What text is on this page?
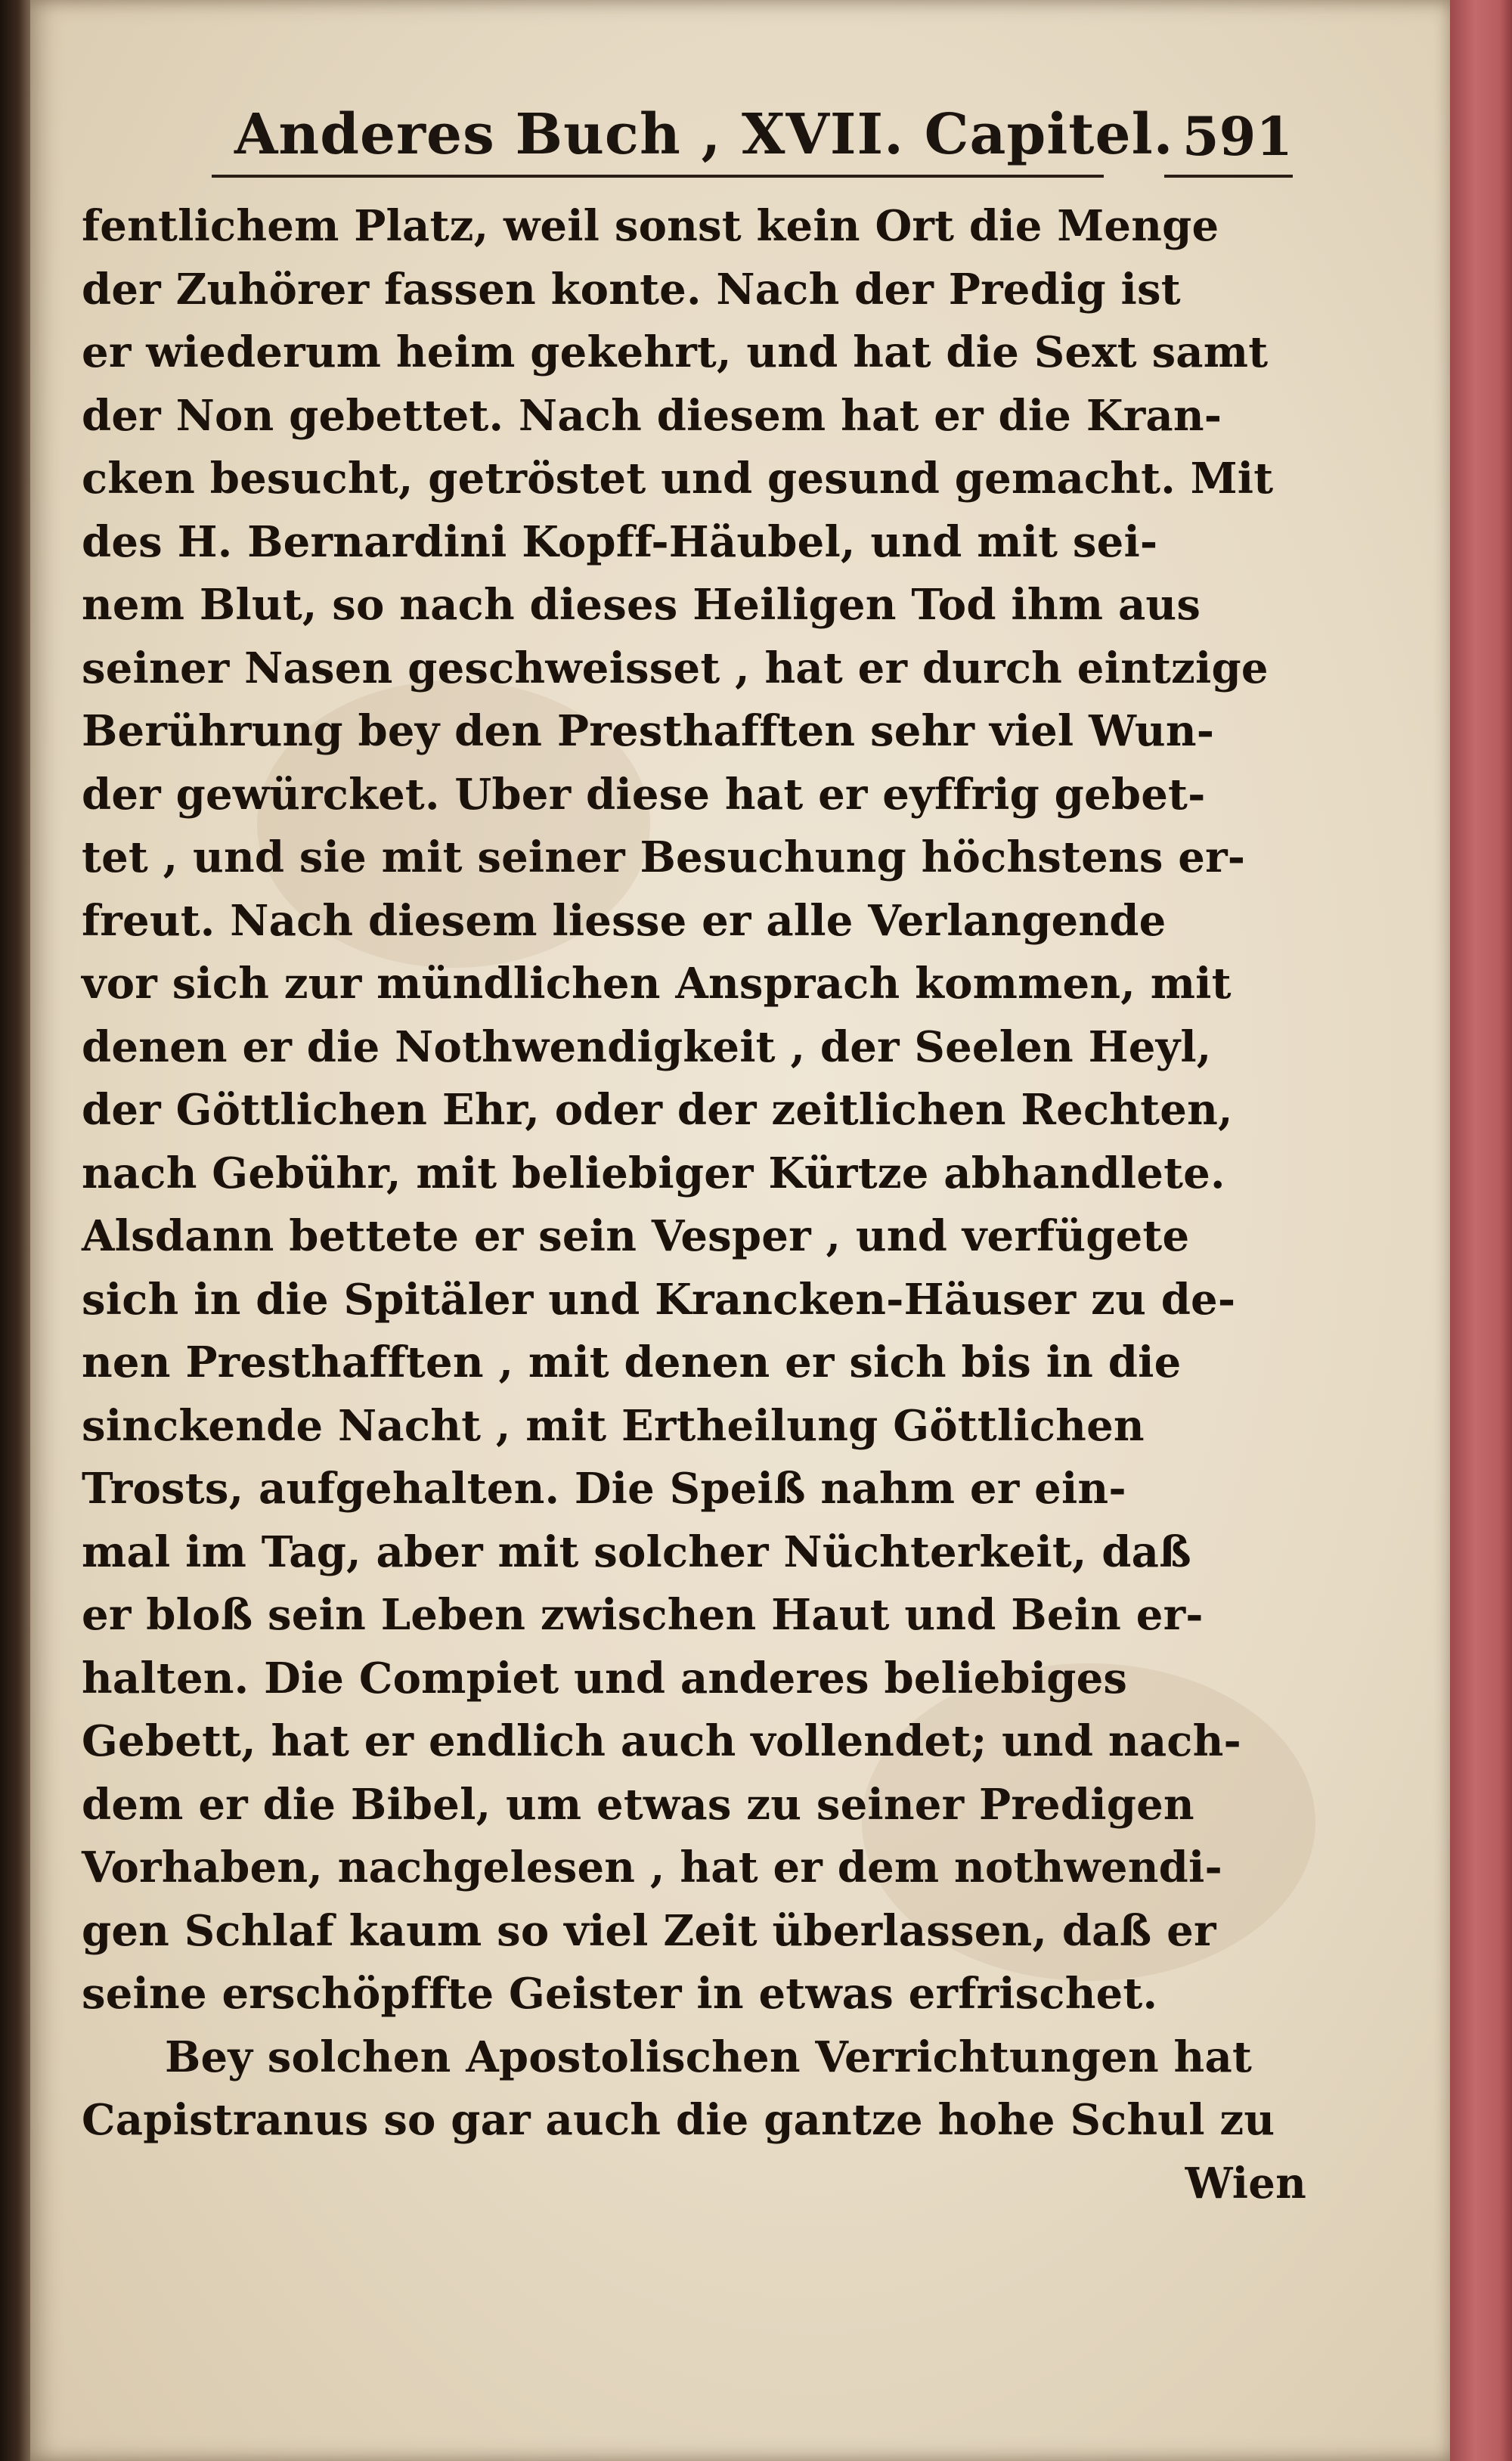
Anderes Buch , XVII. Capitel. 591
fentlichem Platz, weil sonst kein Ort die Menge
der Zuhörer fassen konte. Nach der Predig ist
er wiederum heim gekehrt, und hat die Sext samt
der Non gebettet. Nach diesem hat er die Kran-
cken besucht, getröstet und gesund gemacht. Mit
des H. Bernardini Kopff-Häubel, und mit sei-
nem Blut, so nach dieses Heiligen Tod ihm aus
seiner Nasen geschweisset , hat er durch eintzige
Berührung bey den Presthafften sehr viel Wun-
der gewürcket. Uber diese hat er eyffrig gebet-
tet , und sie mit seiner Besuchung höchstens er-
freut. Nach diesem liesse er alle Verlangende
vor sich zur mündlichen Ansprach kommen, mit
denen er die Nothwendigkeit , der Seelen Heyl,
der Göttlichen Ehr, oder der zeitlichen Rechten,
nach Gebühr, mit beliebiger Kürtze abhandlete.
Alsdann bettete er sein Vesper , und verfügete
sich in die Spitäler und Krancken-Häuser zu de-
nen Presthafften , mit denen er sich bis in die
sinckende Nacht , mit Ertheilung Göttlichen
Trosts, aufgehalten. Die Speiß nahm er ein-
mal im Tag, aber mit solcher Nüchterkeit, daß
er bloß sein Leben zwischen Haut und Bein er-
halten. Die Compiet und anderes beliebiges
Gebett, hat er endlich auch vollendet; und nach-
dem er die Bibel, um etwas zu seiner Predigen
Vorhaben, nachgelesen , hat er dem nothwendi-
gen Schlaf kaum so viel Zeit überlassen, daß er
seine erschöpffte Geister in etwas erfrischet.
Bey solchen Apostolischen Verrichtungen hat
Capistranus so gar auch die gantze hohe Schul zu
Wien
